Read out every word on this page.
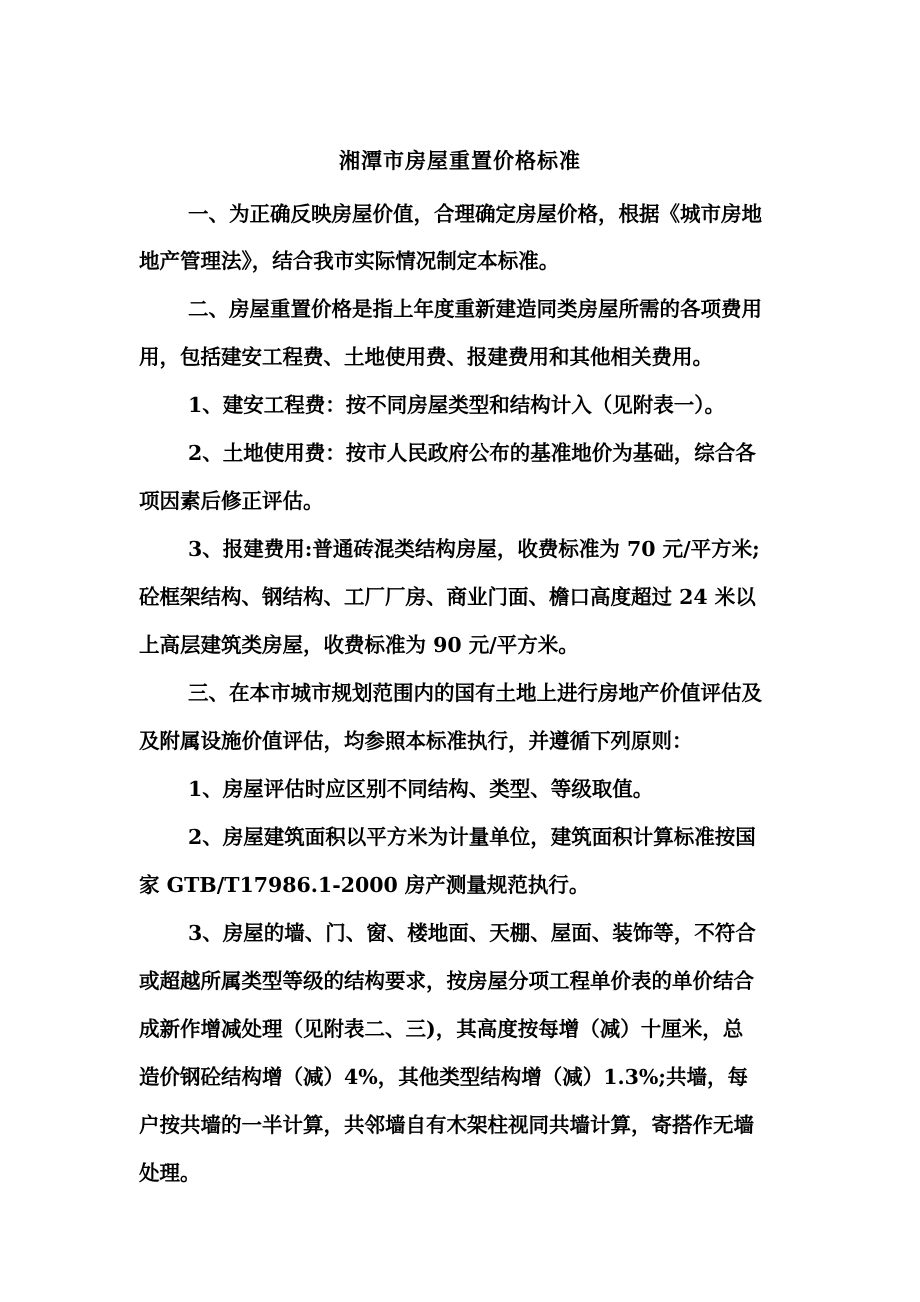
湘潭市房屋重置价格标准
一、为正确反映房屋价值，合理确定房屋价格，根据《城市房地
地产管理法》，结合我市实际情况制定本标准。
二、房屋重置价格是指上年度重新建造同类房屋所需的各项费用
用，包括建安工程费、土地使用费、报建费用和其他相关费用。
1、建安工程费：按不同房屋类型和结构计入（见附表一）。
2、土地使用费：按市人民政府公布的基准地价为基础，综合各
项因素后修正评估。
3、报建费用:普通砖混类结构房屋，收费标准为 70 元/平方米;
砼框架结构、钢结构、工厂厂房、商业门面、檐口高度超过 24 米以
上高层建筑类房屋，收费标准为 90 元/平方米。
三、在本市城市规划范围内的国有土地上进行房地产价值评估及
及附属设施价值评估，均参照本标准执行，并遵循下列原则：
1、房屋评估时应区别不同结构、类型、等级取值。
2、房屋建筑面积以平方米为计量单位，建筑面积计算标准按国
家 GTB/T17986.1-2000 房产测量规范执行。
3、房屋的墙、门、窗、楼地面、天棚、屋面、装饰等，不符合
或超越所属类型等级的结构要求，按房屋分项工程单价表的单价结合
成新作增减处理（见附表二、三)，其高度按每增（减）十厘米，总
造价钢砼结构增（减）4%，其他类型结构增（减）1.3%;共墙，每
户按共墙的一半计算，共邻墙自有木架柱视同共墙计算，寄搭作无墙
处理。
